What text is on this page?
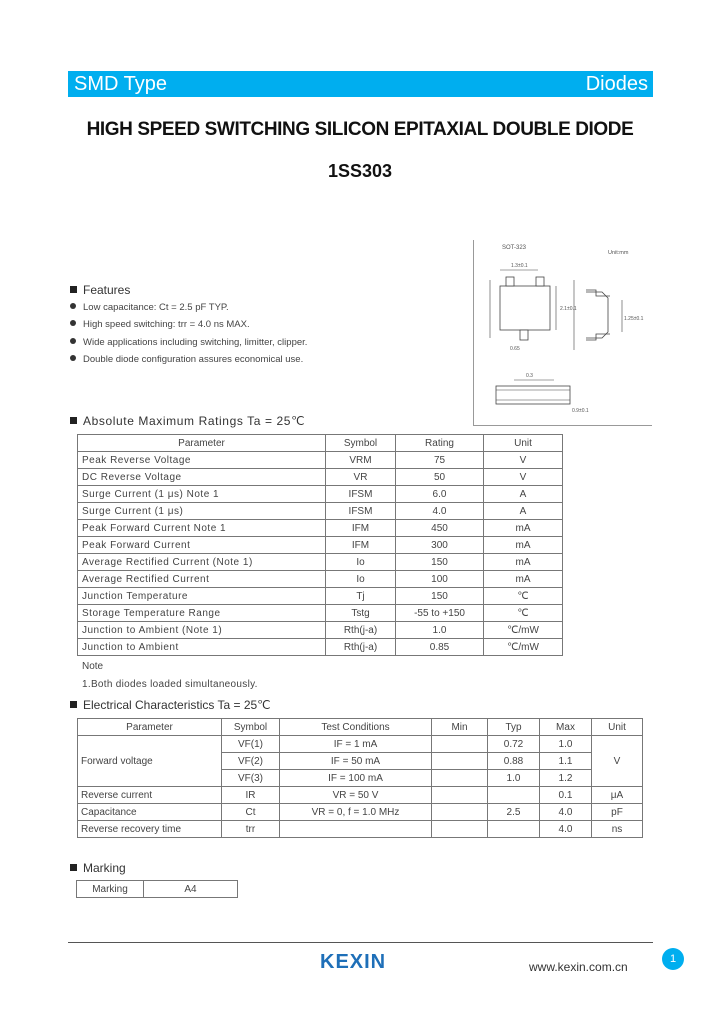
SMD Type	Diodes
HIGH SPEED SWITCHING SILICON EPITAXIAL DOUBLE DIODE
1SS303
SOT-323
Unit:mm
1.3±0.1
2.1±0.1
0.65
1.25±0.1
0.3
0.9±0.1
Features
Low capacitance: Ct = 2.5 pF TYP.
High speed switching: trr = 4.0 ns MAX.
Wide applications including switching, limitter, clipper.
Double diode configuration assures economical use.
Absolute Maximum Ratings Ta = 25℃
Parameter	Symbol	Rating	Unit
Peak Reverse Voltage	VRM	75	V
DC Reverse Voltage	VR	50	V
Surge Current (1 μs) Note 1	IFSM	6.0	A
Surge Current (1 μs)	IFSM	4.0	A
Peak Forward Current Note 1	IFM	450	mA
Peak Forward Current	IFM	300	mA
Average Rectified Current (Note 1)	Io	150	mA
Average Rectified Current	Io	100	mA
Junction Temperature	Tj	150	℃
Storage Temperature Range	Tstg	-55 to +150	℃
Junction to Ambient (Note 1)	Rth(j-a)	1.0	℃/mW
Junction to Ambient	Rth(j-a)	0.85	℃/mW
Note
1.Both diodes loaded simultaneously.
Electrical Characteristics Ta = 25℃
Parameter	Symbol	Test Conditions	Min	Typ	Max	Unit
Forward voltage	VF(1)	IF = 1 mA		0.72	1.0	V
	VF(2)	IF = 50 mA		0.88	1.1	
	VF(3)	IF = 100 mA		1.0	1.2	
Reverse current	IR	VR = 50 V			0.1	μA
Capacitance	Ct	VR = 0, f = 1.0 MHz		2.5	4.0	pF
Reverse recovery time	trr				4.0	ns
Marking
Marking	A4
KEXIN	www.kexin.com.cn
1
